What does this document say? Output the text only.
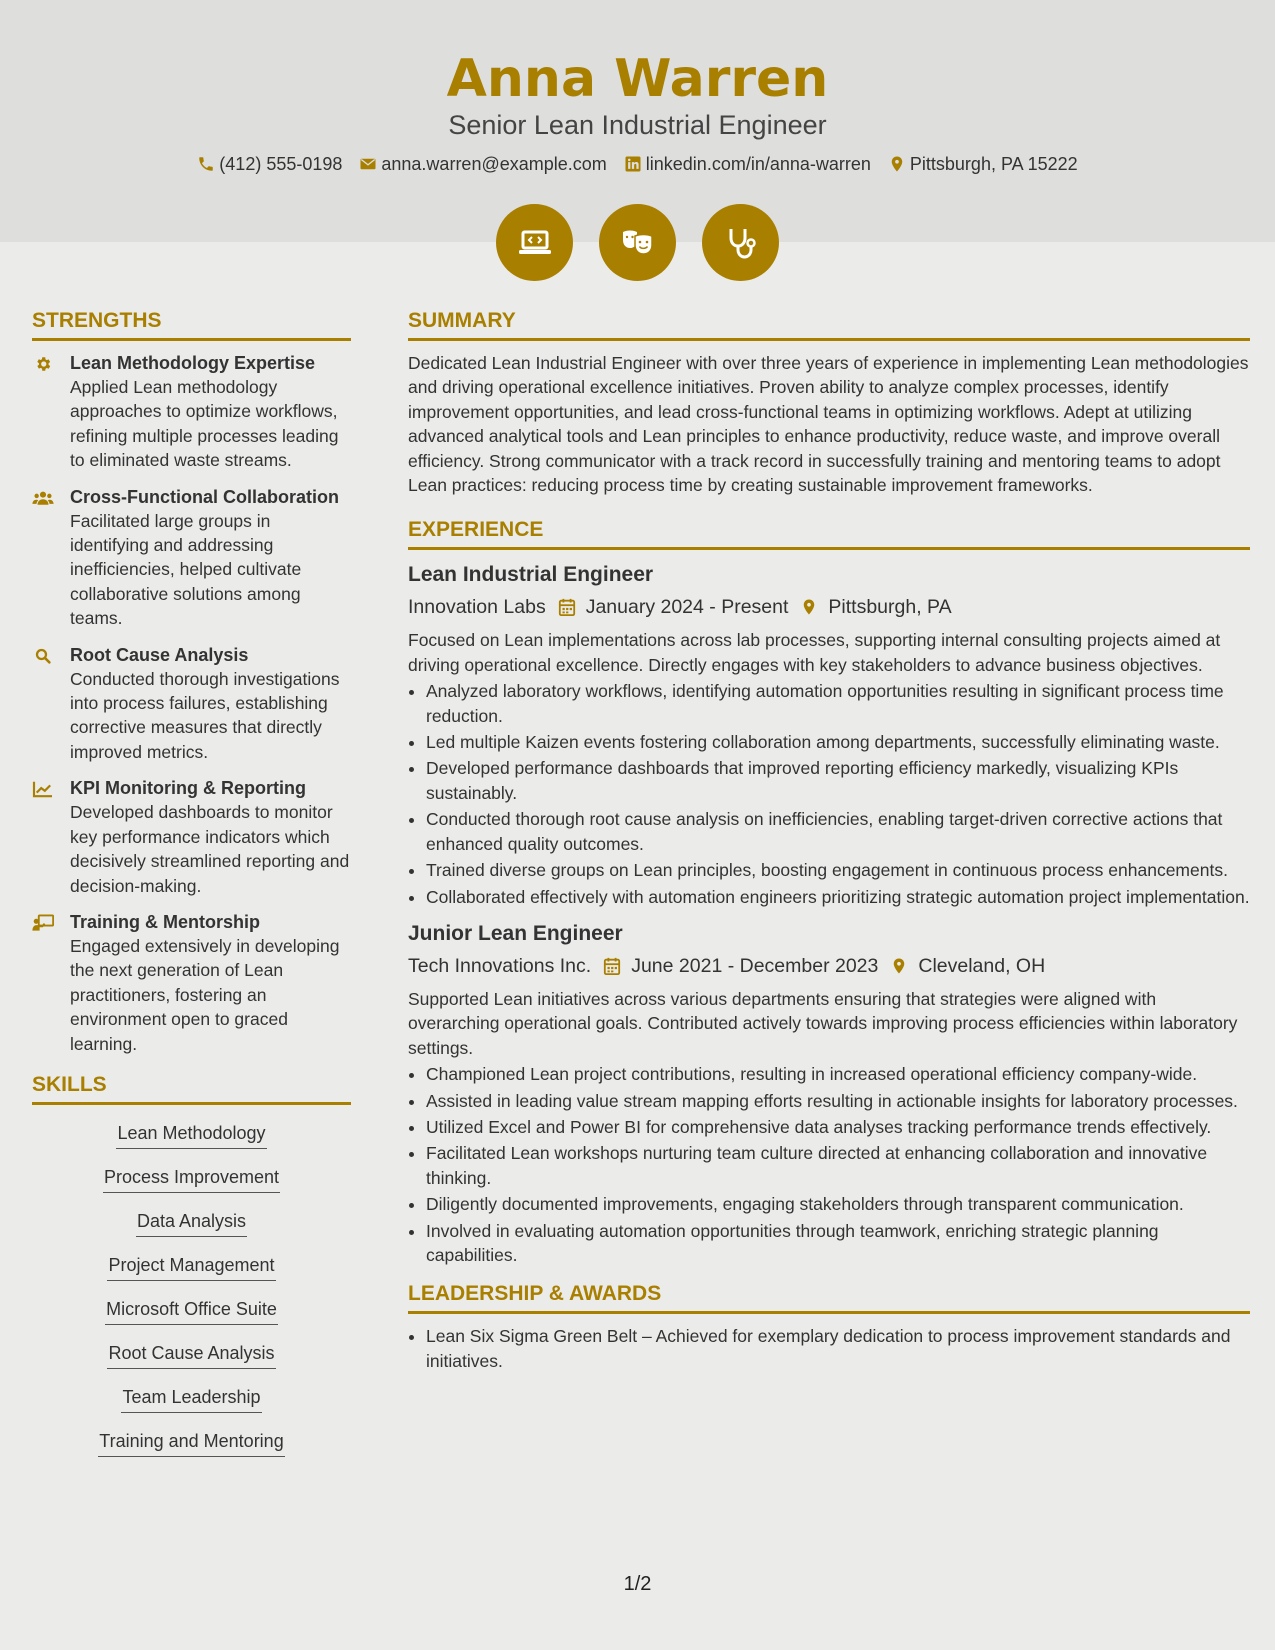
Anna Warren
Senior Lean Industrial Engineer
(412) 555-0198 anna.warren@example.com linkedin.com/in/anna-warren Pittsburgh, PA 15222
STRENGTHS
Lean Methodology Expertise
Applied Lean methodology approaches to optimize workflows, refining multiple processes leading to eliminated waste streams.
Cross-Functional Collaboration
Facilitated large groups in identifying and addressing inefficiencies, helped cultivate collaborative solutions among teams.
Root Cause Analysis
Conducted thorough investigations into process failures, establishing corrective measures that directly improved metrics.
KPI Monitoring & Reporting
Developed dashboards to monitor key performance indicators which decisively streamlined reporting and decision-making.
Training & Mentorship
Engaged extensively in developing the next generation of Lean practitioners, fostering an environment open to graced learning.
SKILLS
Lean Methodology
Process Improvement
Data Analysis
Project Management
Microsoft Office Suite
Root Cause Analysis
Team Leadership
Training and Mentoring
SUMMARY

Dedicated Lean Industrial Engineer with over three years of experience in implementing Lean methodologies and driving operational excellence initiatives. Proven ability to analyze complex processes, identify improvement opportunities, and lead cross-functional teams in optimizing workflows. Adept at utilizing advanced analytical tools and Lean principles to enhance productivity, reduce waste, and improve overall efficiency. Strong communicator with a track record in successfully training and mentoring teams to adopt Lean practices: reducing process time by creating sustainable improvement frameworks.

EXPERIENCE
Lean Industrial Engineer
Innovation Labs January 2024 - Present Pittsburgh, PA

Focused on Lean implementations across lab processes, supporting internal consulting projects aimed at driving operational excellence. Directly engages with key stakeholders to advance business objectives.

• Analyzed laboratory workflows, identifying automation opportunities resulting in significant process time reduction.
• Led multiple Kaizen events fostering collaboration among departments, successfully eliminating waste.
• Developed performance dashboards that improved reporting efficiency markedly, visualizing KPIs sustainably.
• Conducted thorough root cause analysis on inefficiencies, enabling target-driven corrective actions that enhanced quality outcomes.
• Trained diverse groups on Lean principles, boosting engagement in continuous process enhancements.
• Collaborated effectively with automation engineers prioritizing strategic automation project implementation.
Junior Lean Engineer
Tech Innovations Inc. June 2021 - December 2023 Cleveland, OH

Supported Lean initiatives across various departments ensuring that strategies were aligned with overarching operational goals. Contributed actively towards improving process efficiencies within laboratory settings.

• Championed Lean project contributions, resulting in increased operational efficiency company-wide.
• Assisted in leading value stream mapping efforts resulting in actionable insights for laboratory processes.
• Utilized Excel and Power BI for comprehensive data analyses tracking performance trends effectively.
• Facilitated Lean workshops nurturing team culture directed at enhancing collaboration and innovative thinking.
• Diligently documented improvements, engaging stakeholders through transparent communication.
• Involved in evaluating automation opportunities through teamwork, enriching strategic planning capabilities.
LEADERSHIP & AWARDS
• Lean Six Sigma Green Belt – Achieved for exemplary dedication to process improvement standards and initiatives.
1/2
